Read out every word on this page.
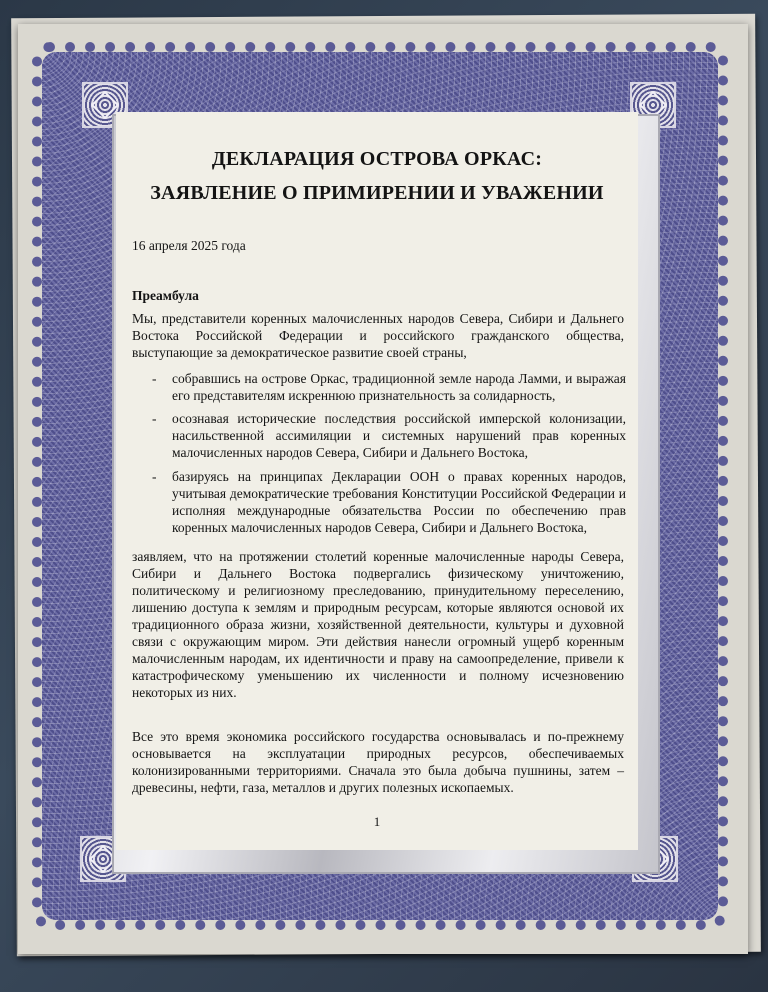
ДЕКЛАРАЦИЯ ОСТРОВА ОРКАС:
ЗАЯВЛЕНИЕ О ПРИМИРЕНИИ И УВАЖЕНИИ
16 апреля 2025 года
Преамбула
Мы, представители коренных малочисленных народов Севера, Сибири и Дальнего Востока Российской Федерации и российского гражданского общества, выступающие за демократическое развитие своей страны,
- собравшись на острове Оркас, традиционной земле народа Ламми, и выражая его представителям искреннюю признательность за солидарность,
- осознавая исторические последствия российской имперской колонизации, насильственной ассимиляции и системных нарушений прав коренных малочисленных народов Севера, Сибири и Дальнего Востока,
- базируясь на принципах Декларации ООН о правах коренных народов, учитывая демократические требования Конституции Российской Федерации и исполняя международные обязательства России по обеспечению прав коренных малочисленных народов Севера, Сибири и Дальнего Востока,
заявляем, что на протяжении столетий коренные малочисленные народы Севера, Сибири и Дальнего Востока подвергались физическому уничтожению, политическому и религиозному преследованию, принудительному переселению, лишению доступа к землям и природным ресурсам, которые являются основой их традиционного образа жизни, хозяйственной деятельности, культуры и духовной связи с окружающим миром. Эти действия нанесли огромный ущерб коренным малочисленным народам, их идентичности и праву на самоопределение, привели к катастрофическому уменьшению их численности и полному исчезновению некоторых из них.
Все это время экономика российского государства основывалась и по-прежнему основывается на эксплуатации природных ресурсов, обеспечиваемых колонизированными территориями. Сначала это была добыча пушнины, затем – древесины, нефти, газа, металлов и других полезных ископаемых.
1
